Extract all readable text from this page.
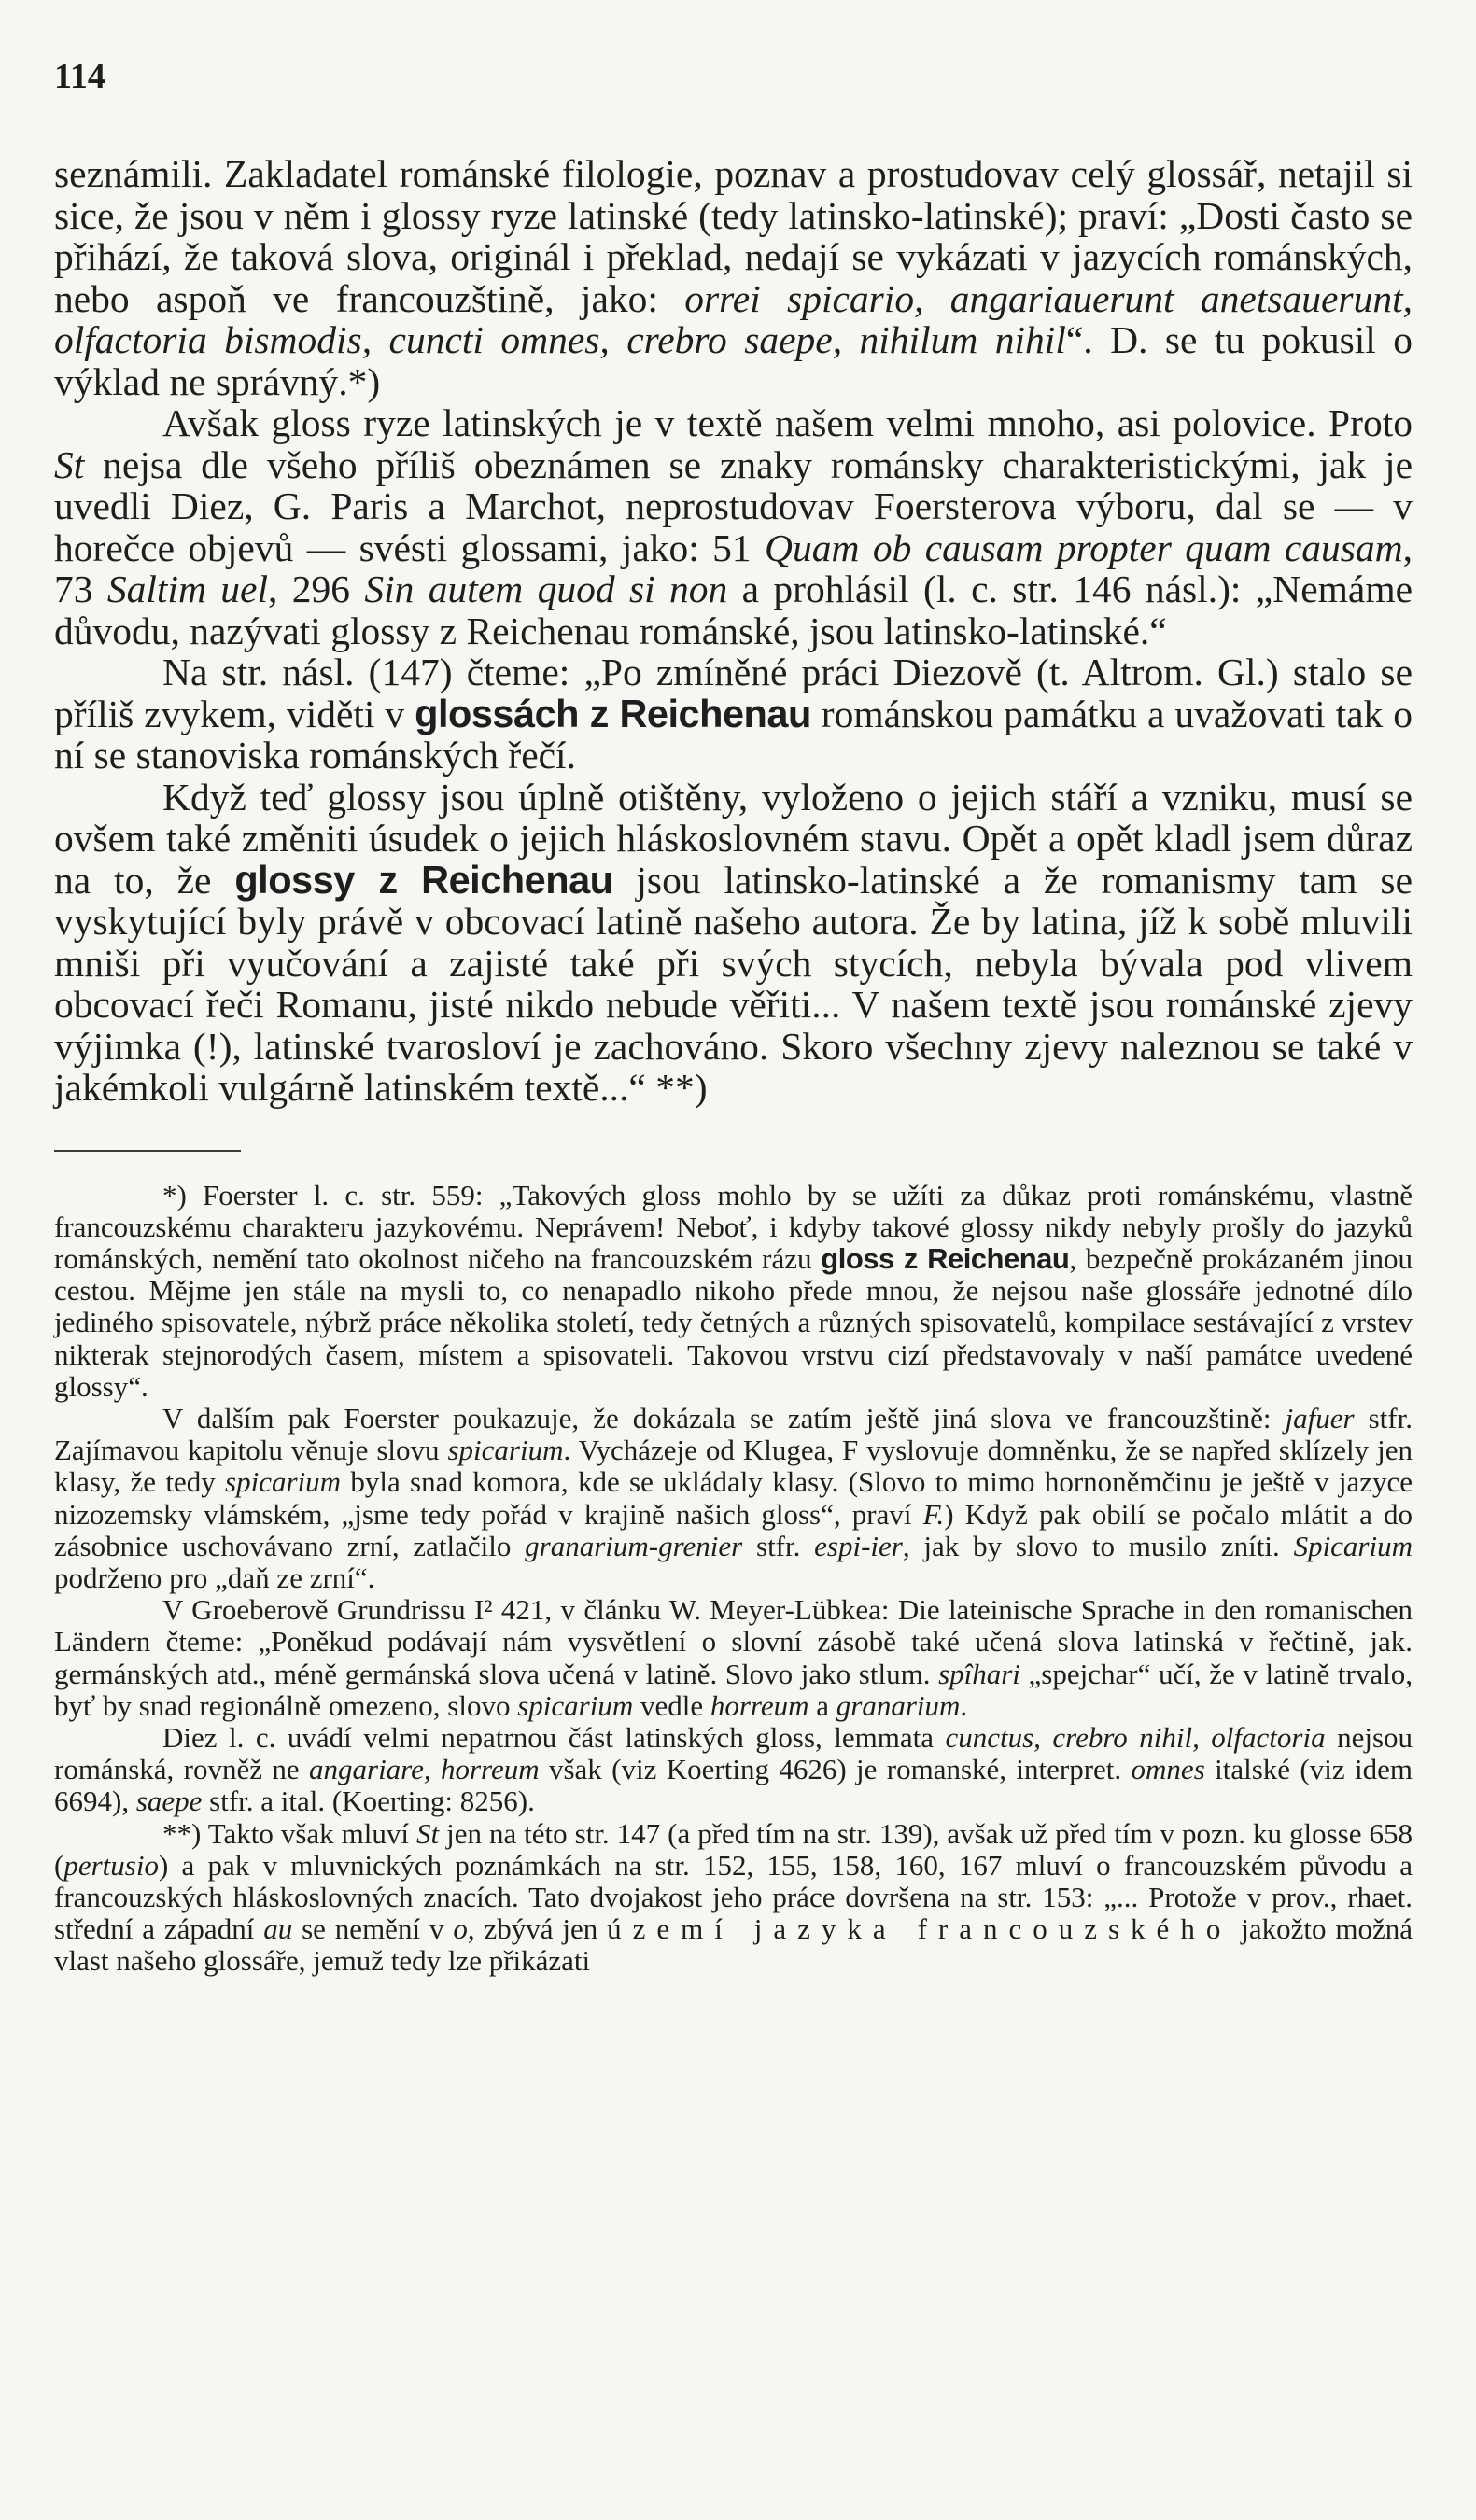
114

seznámili. Zakladatel románské filologie, poznav a prostudovav celý glossář, netajil si sice, že jsou v něm i glossy ryze latinské (tedy latinsko-latinské); praví: „Dosti často se přihází, že taková slova, originál i překlad, nedají se vykázati v jazycích románských, nebo aspoň ve francouzštině, jako: orrei spicario, angariauerunt anetsauerunt, olfactoria bismodis, cuncti omnes, crebro saepe, nihilum nihil“. D. se tu pokusil o výklad ne správný.*)

Avšak gloss ryze latinských je v textě našem velmi mnoho, asi polovice. Proto St nejsa dle všeho příliš obeznámen se znaky románsky charakteristickými, jak je uvedli Diez, G. Paris a Marchot, neprostudovav Foersterova výboru, dal se — v horečce objevů — svésti glossami, jako: 51 Quam ob causam propter quam causam, 73 Saltim uel, 296 Sin autem quod si non a prohlásil (l. c. str. 146 násl.): „Nemáme důvodu, nazývati glossy z Reichenau románské, jsou latinsko-latinské.“

Na str. násl. (147) čteme: „Po zmíněné práci Diezově (t. Altrom. Gl.) stalo se příliš zvykem, viděti v glossách z Reichenau románskou památku a uvažovati tak o ní se stanoviska románských řečí.

Když teď glossy jsou úplně otištěny, vyloženo o jejich stáří a vzniku, musí se ovšem také změniti úsudek o jejich hláskoslovném stavu. Opět a opět kladl jsem důraz na to, že glossy z Reichenau jsou latinsko-latinské a že romanismy tam se vyskytující byly právě v obcovací latině našeho autora. Že by latina, jíž k sobě mluvili mniši při vyučování a zajisté také při svých stycích, nebyla bývala pod vlivem obcovací řeči Romanu, jisté nikdo nebude věřiti... V našem textě jsou románské zjevy výjimka (!), latinské tvarosloví je zachováno. Skoro všechny zjevy naleznou se také v jakémkoli vulgárně latinském textě...“ **)

*) Foerster l. c. str. 559: „Takových gloss mohlo by se užíti za důkaz proti románskému, vlastně francouzskému charakteru jazykovému. Neprávem! Neboť, i kdyby takové glossy nikdy nebyly prošly do jazyků románských, nemění tato okolnost ničeho na francouzském rázu gloss z Reichenau, bezpečně prokázaném jinou cestou. Mějme jen stále na mysli to, co nenapadlo nikoho přede mnou, že nejsou naše glossáře jednotné dílo jediného spisovatele, nýbrž práce několika století, tedy četných a různých spisovatelů, kompilace sestávající z vrstev nikterak stejnorodých časem, místem a spisovateli. Takovou vrstvu cizí představovaly v naší památce uvedené glossy“.

V dalším pak Foerster poukazuje, že dokázala se zatím ještě jiná slova ve francouzštině: jafuer stfr. Zajímavou kapitolu věnuje slovu spicarium. Vycházeje od Klugea, F vyslovuje domněnku, že se napřed sklízely jen klasy, že tedy spicarium byla snad komora, kde se ukládaly klasy. (Slovo to mimo hornoněmčinu je ještě v jazyce nizozemsky vlámském, „jsme tedy pořád v krajině našich gloss“, praví F.) Když pak obilí se počalo mlátit a do zásobnice uschovávano zrní, zatlačilo granarium-grenier stfr. espi-ier, jak by slovo to musilo zníti. Spicarium podrženo pro „daň ze zrní“.

V Groeberově Grundrissu I² 421, v článku W. Meyer-Lübkea: Die lateinische Sprache in den romanischen Ländern čteme: „Poněkud podávají nám vysvětlení o slovní zásobě také učená slova latinská v řečtině, jak. germánských atd., méně germánská slova učená v latině. Slovo jako stlum. spîhari „spejchar“ učí, že v latině trvalo, byť by snad regionálně omezeno, slovo spicarium vedle horreum a granarium.

Diez l. c. uvádí velmi nepatrnou část latinských gloss, lemmata cunctus, crebro nihil, olfactoria nejsou románská, rovněž ne angariare, horreum však (viz Koerting 4626) je romanské, interpret. omnes italské (viz idem 6694), saepe stfr. a ital. (Koerting: 8256).

**) Takto však mluví St jen na této str. 147 (a před tím na str. 139), avšak už před tím v pozn. ku glosse 658 (pertusio) a pak v mluvnických poznámkách na str. 152, 155, 158, 160, 167 mluví o francouzském původu a francouzských hláskoslovných znacích. Tato dvojakost jeho práce dovršena na str. 153: „... Protože v prov., rhaet. střední a západní au se nemění v o, zbývá jen území jazyka francouzského jakožto možná vlast našeho glossáře, jemuž tedy lze přikázati
